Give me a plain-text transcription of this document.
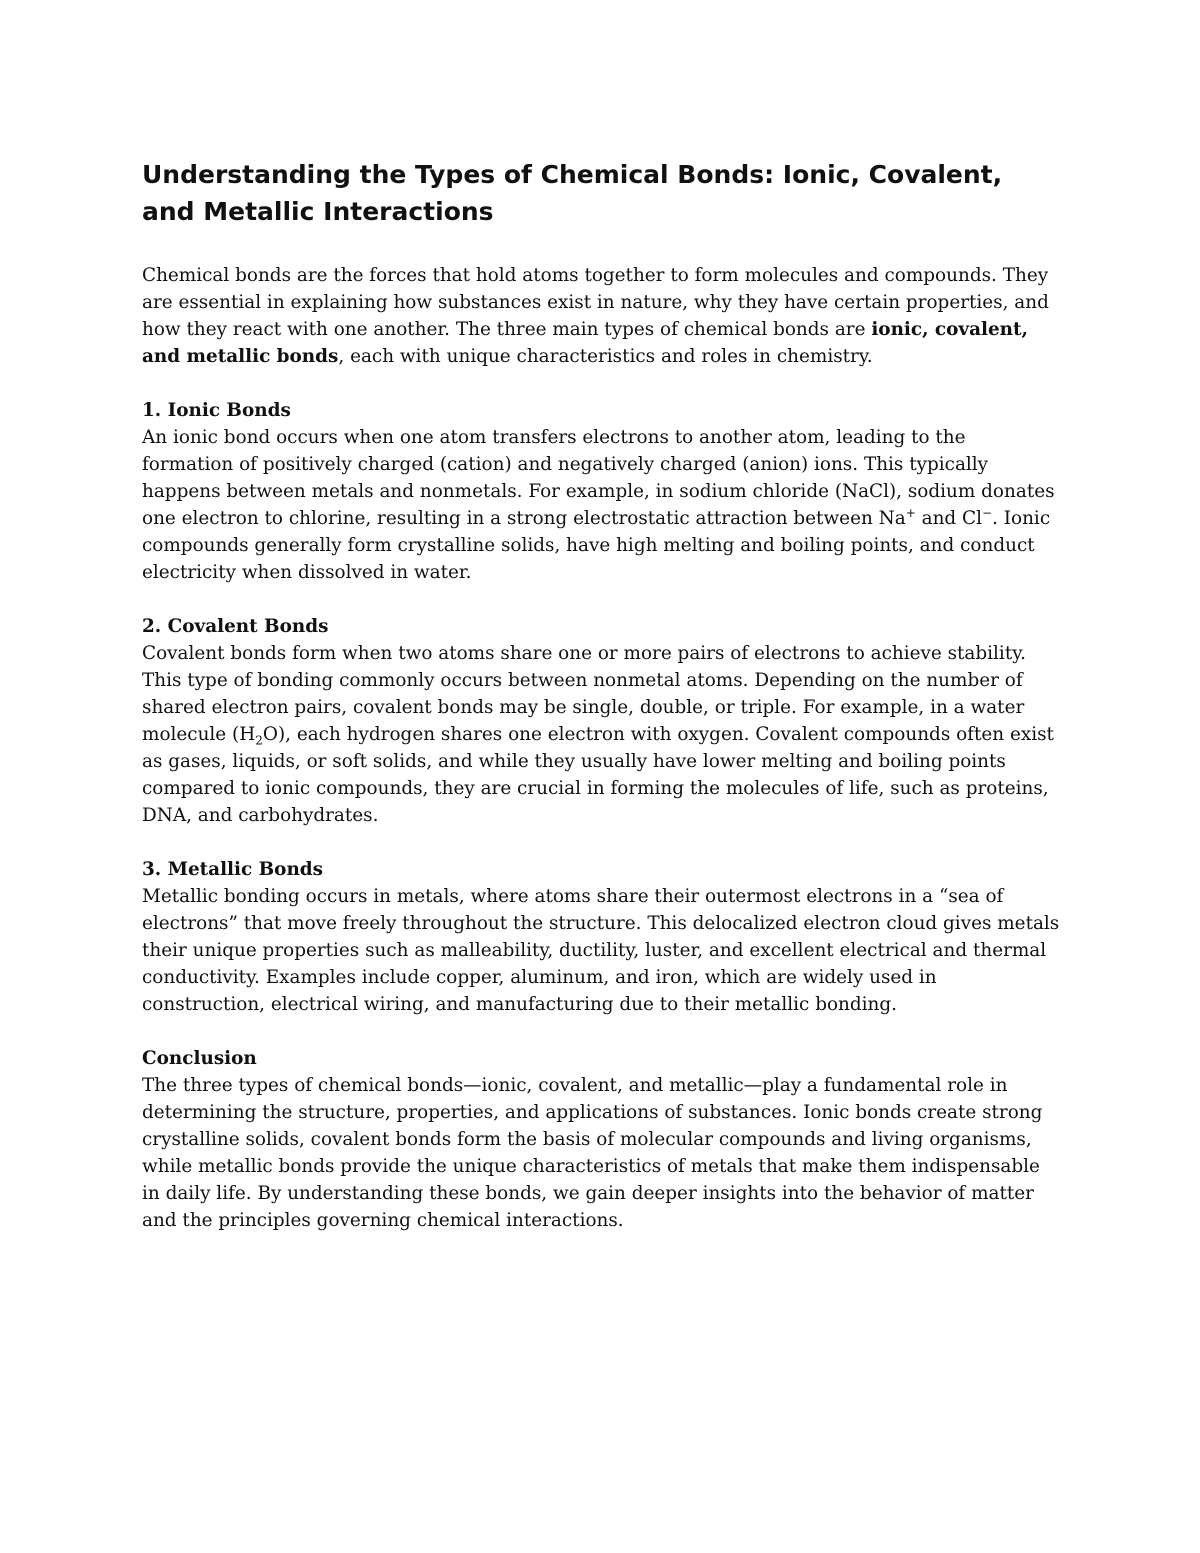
Understanding the Types of Chemical Bonds: Ionic, Covalent, and Metallic Interactions

Chemical bonds are the forces that hold atoms together to form molecules and compounds. They are essential in explaining how substances exist in nature, why they have certain properties, and how they react with one another. The three main types of chemical bonds are ionic, covalent, and metallic bonds, each with unique characteristics and roles in chemistry.

1. Ionic Bonds
An ionic bond occurs when one atom transfers electrons to another atom, leading to the formation of positively charged (cation) and negatively charged (anion) ions. This typically happens between metals and nonmetals. For example, in sodium chloride (NaCl), sodium donates one electron to chlorine, resulting in a strong electrostatic attraction between Na+ and Cl−. Ionic compounds generally form crystalline solids, have high melting and boiling points, and conduct electricity when dissolved in water.

2. Covalent Bonds
Covalent bonds form when two atoms share one or more pairs of electrons to achieve stability. This type of bonding commonly occurs between nonmetal atoms. Depending on the number of shared electron pairs, covalent bonds may be single, double, or triple. For example, in a water molecule $(H_2O)$, each hydrogen shares one electron with oxygen. Covalent compounds often exist as gases, liquids, or soft solids, and while they usually have lower melting and boiling points compared to ionic compounds, they are crucial in forming the molecules of life, such as proteins, DNA, and carbohydrates.

3. Metallic Bonds
Metallic bonding occurs in metals, where atoms share their outermost electrons in a “sea of electrons” that move freely throughout the structure. This delocalized electron cloud gives metals their unique properties such as malleability, ductility, luster, and excellent electrical and thermal conductivity. Examples include copper, aluminum, and iron, which are widely used in construction, electrical wiring, and manufacturing due to their metallic bonding.

Conclusion
The three types of chemical bonds—ionic, covalent, and metallic—play a fundamental role in determining the structure, properties, and applications of substances. Ionic bonds create strong crystalline solids, covalent bonds form the basis of molecular compounds and living organisms, while metallic bonds provide the unique characteristics of metals that make them indispensable in daily life. By understanding these bonds, we gain deeper insights into the behavior of matter and the principles governing chemical interactions.
